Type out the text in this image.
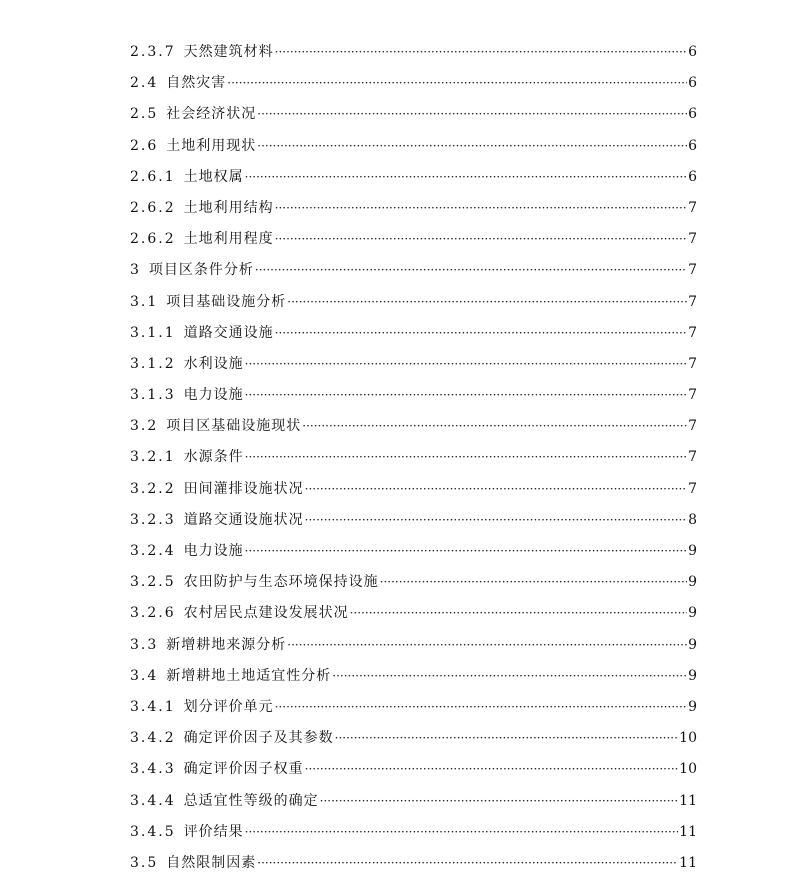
2.3.7 天然建筑材料 ·····	6
2.4 自然灾害 ·····	6
2.5 社会经济状况 ·····	6
2.6 土地利用现状 ·····	6
2.6.1 土地权属 ·····	6
2.6.2 土地利用结构 ·····	7
2.6.2 土地利用程度 ·····	7
3 项目区条件分析 ·····	7
3.1 项目基础设施分析 ·····	7
3.1.1 道路交通设施 ·····	7
3.1.2 水利设施 ·····	7
3.1.3 电力设施 ·····	7
3.2 项目区基础设施现状 ·····	7
3.2.1 水源条件 ·····	7
3.2.2 田间灌排设施状况 ·····	7
3.2.3 道路交通设施状况 ·····	8
3.2.4 电力设施 ·····	9
3.2.5 农田防护与生态环境保持设施 ·····	9
3.2.6 农村居民点建设发展状况 ·····	9
3.3 新增耕地来源分析 ·····	9
3.4 新增耕地土地适宜性分析 ·····	9
3.4.1 划分评价单元 ·····	9
3.4.2 确定评价因子及其参数 ·····	10
3.4.3 确定评价因子权重 ·····	10
3.4.4 总适宜性等级的确定 ·····	11
3.4.5 评价结果 ·····	11
3.5 自然限制因素 ·····	11
